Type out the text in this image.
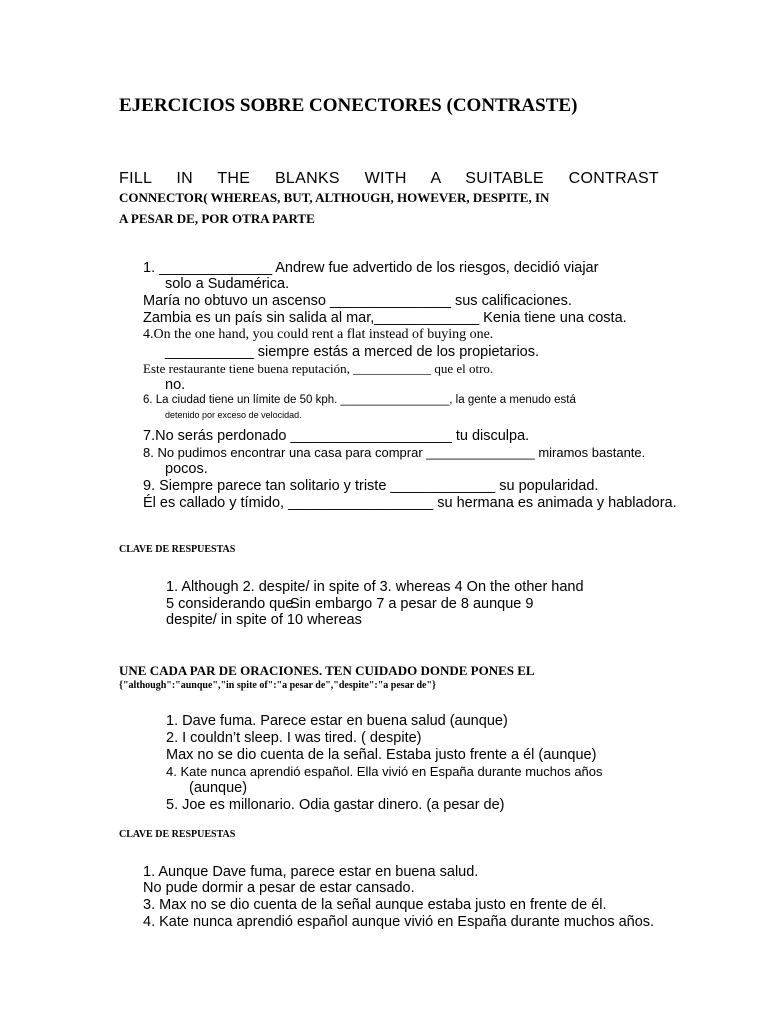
EJERCICIOS SOBRE CONECTORES (CONTRASTE)
FILL IN THE BLANKS WITH A SUITABLE CONTRAST
CONNECTOR( WHEREAS, BUT, ALTHOUGH, HOWEVER, DESPITE, IN
A PESAR DE, POR OTRA PARTE
1. ______________ Andrew fue advertido de los riesgos, decidió viajar
solo a Sudamérica.
María no obtuvo un ascenso _______________ sus calificaciones.
Zambia es un país sin salida al mar,_____________ Kenia tiene una costa.
4.On the one hand, you could rent a flat instead of buying one.
___________ siempre estás a merced de los propietarios.
Este restaurante tiene buena reputación, ____________ que el otro.
no.
6. La ciudad tiene un límite de 50 kph. _________________, la gente a menudo está
detenido por exceso de velocidad.
7.No serás perdonado ____________________ tu disculpa.
8. No pudimos encontrar una casa para comprar _______________ miramos bastante.
pocos.
9. Siempre parece tan solitario y triste _____________ su popularidad.
Él es callado y tímido, __________________ su hermana es animada y habladora.
CLAVE DE RESPUESTAS
1. Although 2. despite/ in spite of 3. whereas 4 On the other hand
5 considerando que
Sin embargo 7 a pesar de 8 aunque 9
despite/ in spite of 10 whereas
UNE CADA PAR DE ORACIONES. TEN CUIDADO DONDE PONES EL
{"although":"aunque","in spite of":"a pesar de","despite":"a pesar de"}
1. Dave fuma. Parece estar en buena salud (aunque)
2. I couldn’t sleep. I was tired. ( despite)
Max no se dio cuenta de la señal. Estaba justo frente a él (aunque)
4. Kate nunca aprendió español. Ella vivió en España durante muchos años
(aunque)
5. Joe es millonario. Odia gastar dinero. (a pesar de)
CLAVE DE RESPUESTAS
1. Aunque Dave fuma, parece estar en buena salud.
No pude dormir a pesar de estar cansado.
3. Max no se dio cuenta de la señal aunque estaba justo en frente de él.
4. Kate nunca aprendió español aunque vivió en España durante muchos años.
